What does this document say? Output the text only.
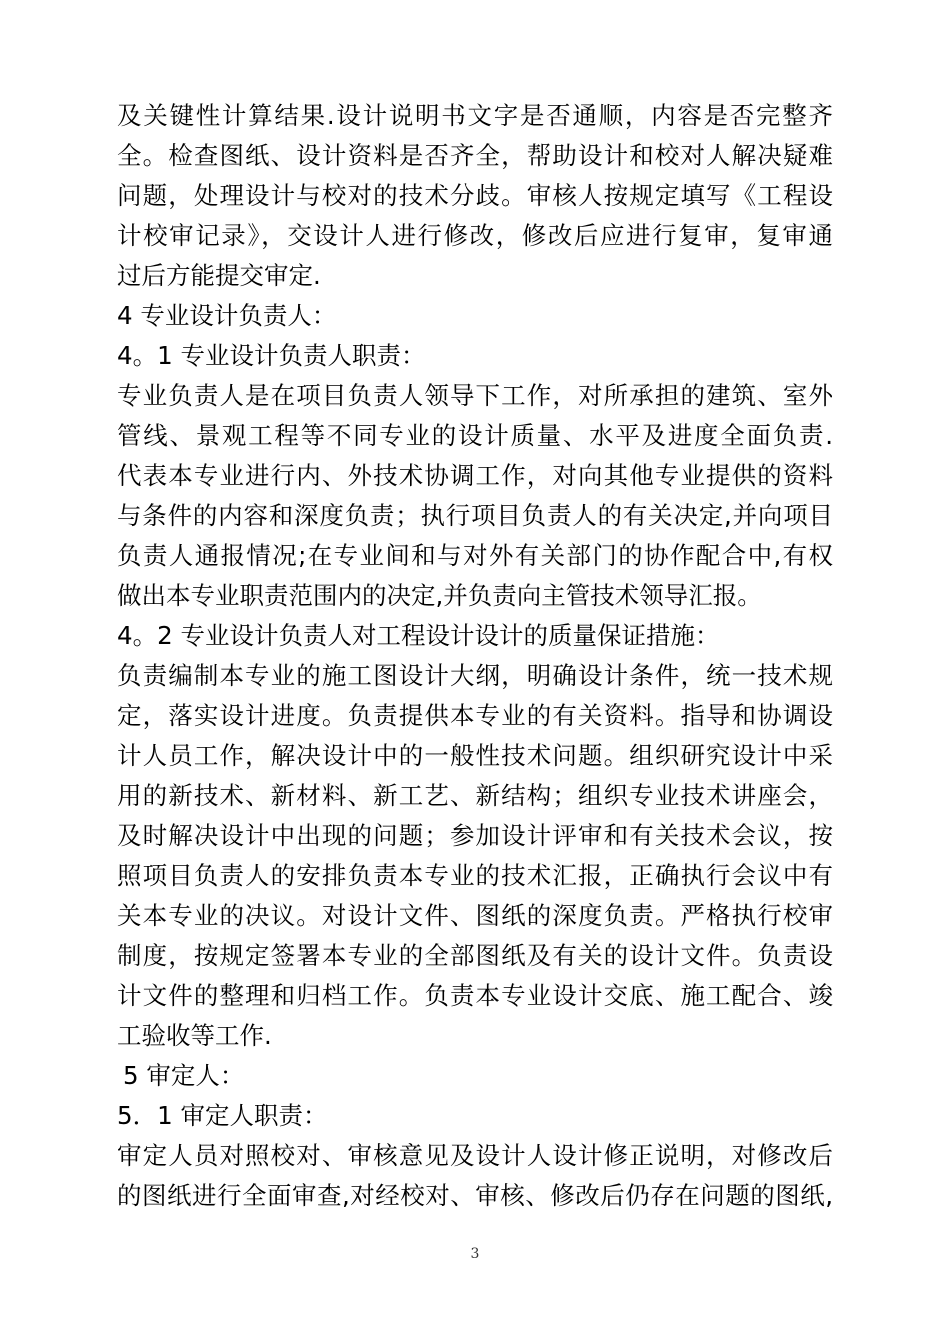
及关键性计算结果.设计说明书文字是否通顺，内容是否完整齐
全。检查图纸、设计资料是否齐全，帮助设计和校对人解决疑难
问题，处理设计与校对的技术分歧。审核人按规定填写《工程设
计校审记录》，交设计人进行修改，修改后应进行复审，复审通
过后方能提交审定.
4 专业设计负责人：
4。1 专业设计负责人职责：
专业负责人是在项目负责人领导下工作，对所承担的建筑、室外
管线、景观工程等不同专业的设计质量、水平及进度全面负责.
代表本专业进行内、外技术协调工作，对向其他专业提供的资料
与条件的内容和深度负责；执行项目负责人的有关决定,并向项目
负责人通报情况;在专业间和与对外有关部门的协作配合中,有权
做出本专业职责范围内的决定,并负责向主管技术领导汇报。
4。2 专业设计负责人对工程设计设计的质量保证措施：
负责编制本专业的施工图设计大纲，明确设计条件，统一技术规
定，落实设计进度。负责提供本专业的有关资料。指导和协调设
计人员工作，解决设计中的一般性技术问题。组织研究设计中采
用的新技术、新材料、新工艺、新结构；组织专业技术讲座会，
及时解决设计中出现的问题；参加设计评审和有关技术会议，按
照项目负责人的安排负责本专业的技术汇报，正确执行会议中有
关本专业的决议。对设计文件、图纸的深度负责。严格执行校审
制度，按规定签署本专业的全部图纸及有关的设计文件。负责设
计文件的整理和归档工作。负责本专业设计交底、施工配合、竣
工验收等工作.
5 审定人：
5．1 审定人职责：
审定人员对照校对、审核意见及设计人设计修正说明，对修改后
的图纸进行全面审查,对经校对、审核、修改后仍存在问题的图纸,
3
